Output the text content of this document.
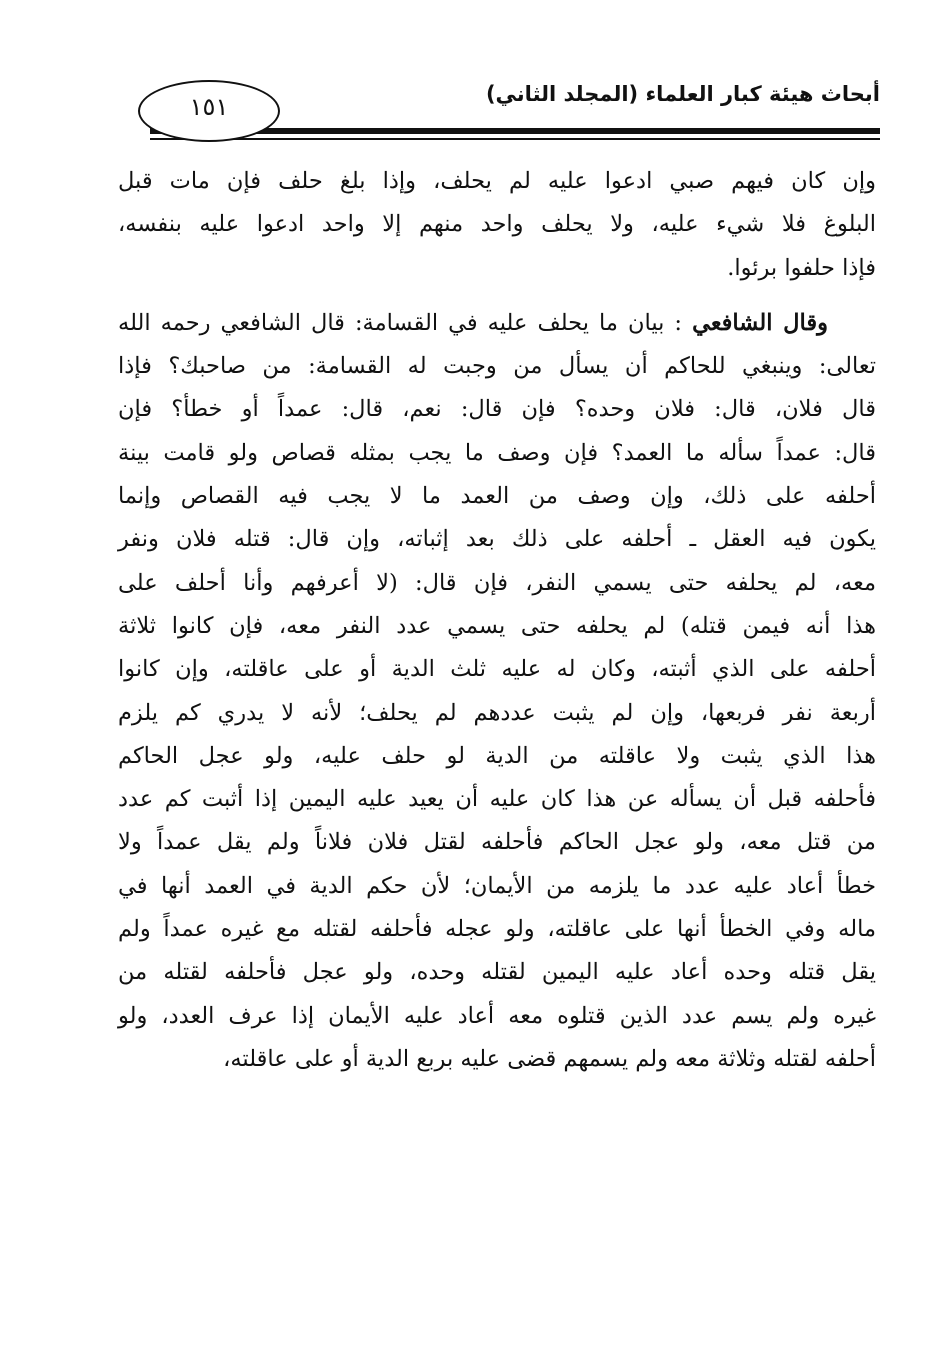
أبحاث هيئة كبار العلماء (المجلد الثاني)
١٥١
وإن كان فيهم صبي ادعوا عليه لم يحلف، وإذا بلغ حلف فإن مات قبل
البلوغ فلا شيء عليه، ولا يحلف واحد منهم إلا واحد ادعوا عليه بنفسه،
فإذا حلفوا برئوا.
وقال الشافعي : بيان ما يحلف عليه في القسامة: قال الشافعي رحمه الله
تعالى: وينبغي للحاكم أن يسأل من وجبت له القسامة: من صاحبك؟ فإذا
قال فلان، قال: فلان وحده؟ فإن قال: نعم، قال: عمداً أو خطأ؟ فإن
قال: عمداً سأله ما العمد؟ فإن وصف ما يجب بمثله قصاص ولو قامت بينة
أحلفه على ذلك، وإن وصف من العمد ما لا يجب فيه القصاص وإنما
يكون فيه العقل ـ أحلفه على ذلك بعد إثباته، وإن قال: قتله فلان ونفر
معه، لم يحلفه حتى يسمي النفر، فإن قال: (لا أعرفهم وأنا أحلف على
هذا أنه فيمن قتله) لم يحلفه حتى يسمي عدد النفر معه، فإن كانوا ثلاثة
أحلفه على الذي أثبته، وكان له عليه ثلث الدية أو على عاقلته، وإن كانوا
أربعة نفر فربعها، وإن لم يثبت عددهم لم يحلف؛ لأنه لا يدري كم يلزم
هذا الذي يثبت ولا عاقلته من الدية لو حلف عليه، ولو عجل الحاكم
فأحلفه قبل أن يسأله عن هذا كان عليه أن يعيد عليه اليمين إذا أثبت كم عدد
من قتل معه، ولو عجل الحاكم فأحلفه لقتل فلان فلاناً ولم يقل عمداً ولا
خطأ أعاد عليه عدد ما يلزمه من الأيمان؛ لأن حكم الدية في العمد أنها في
ماله وفي الخطأ أنها على عاقلته، ولو عجله فأحلفه لقتله مع غيره عمداً ولم
يقل قتله وحده أعاد عليه اليمين لقتله وحده، ولو عجل فأحلفه لقتله من
غيره ولم يسم عدد الذين قتلوه معه أعاد عليه الأيمان إذا عرف العدد، ولو
أحلفه لقتله وثلاثة معه ولم يسمهم قضى عليه بربع الدية أو على عاقلته،
